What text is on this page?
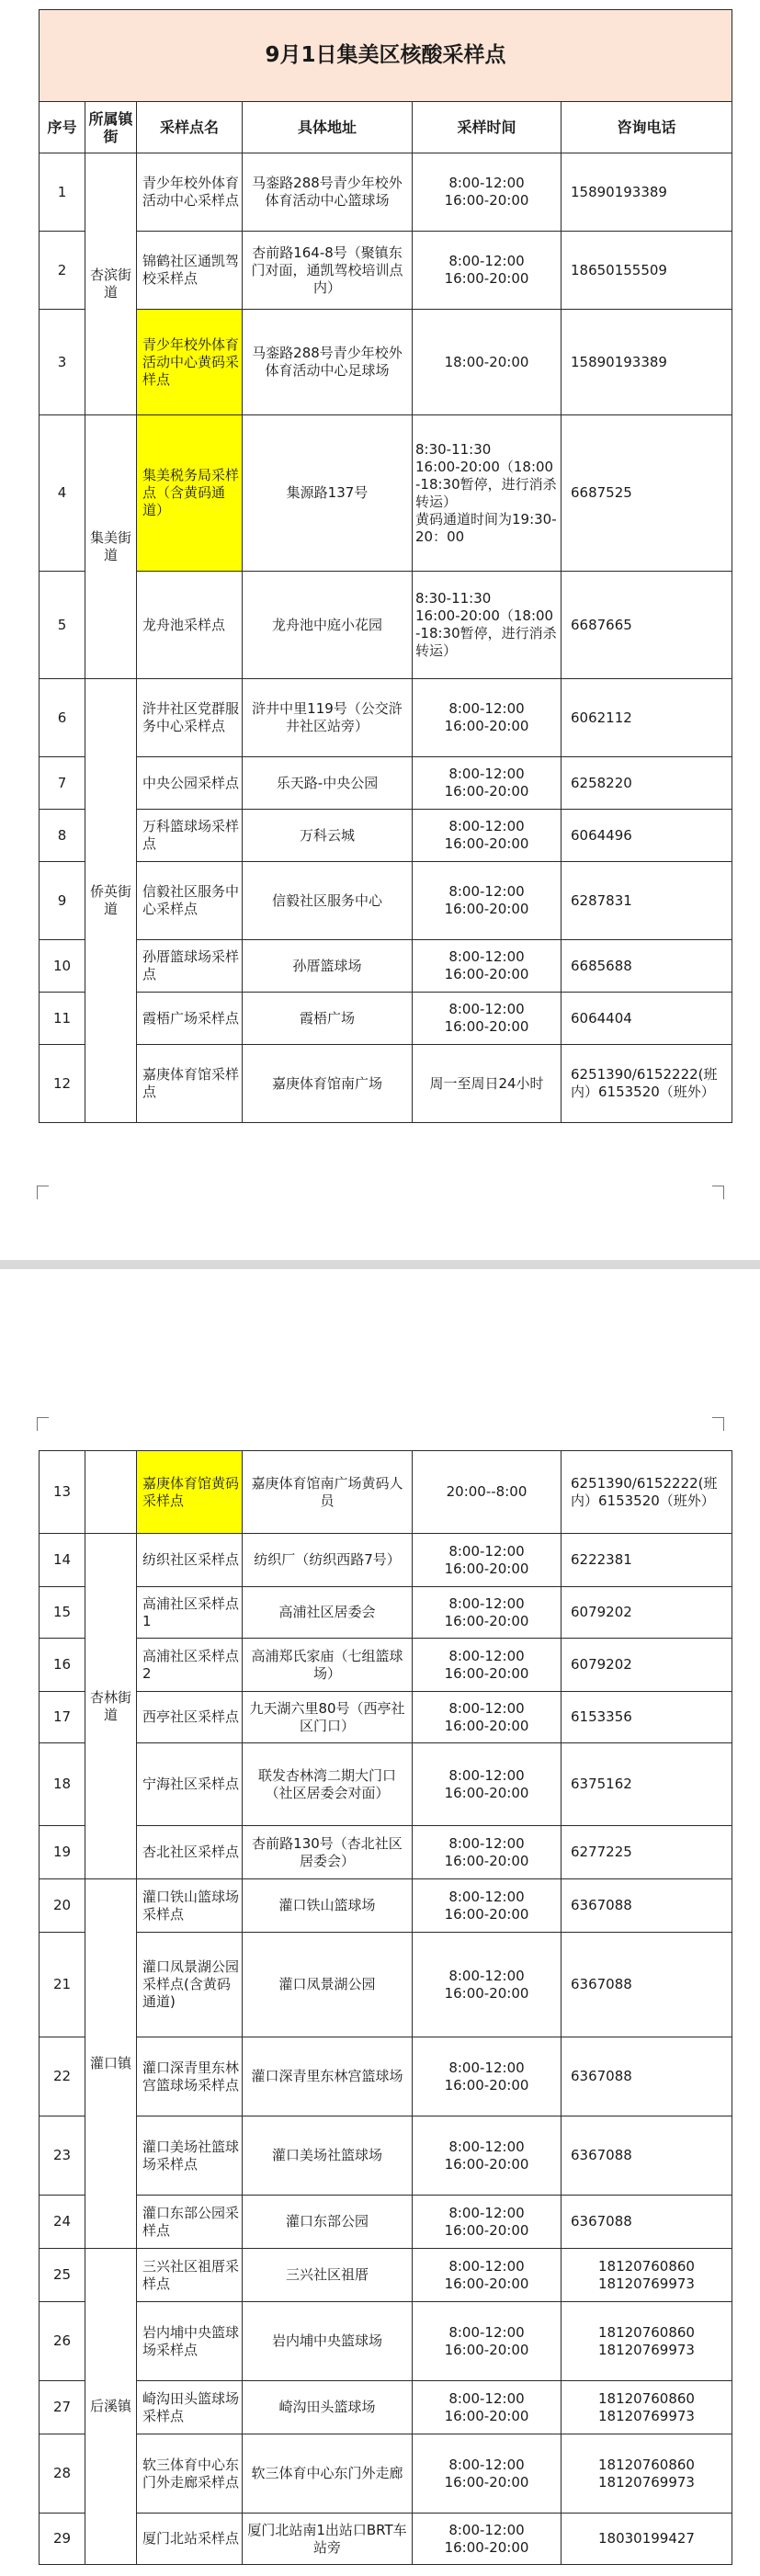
9月1日集美区核酸采样点					
序号	所属镇街	采样点名	具体地址	采样时间	咨询电话
1	杏滨街道	青少年校外体育活动中心采样点	马銮路288号青少年校外体育活动中心篮球场	8:00-12:00
16:00-20:00	15890193389
2		锦鹤社区通凯驾校采样点	杏前路164-8号（聚镇东门对面，通凯驾校培训点内）	8:00-12:00
16:00-20:00	18650155509
3		青少年校外体育活动中心黄码采样点	马銮路288号青少年校外体育活动中心足球场	18:00-20:00	15890193389
4	集美街道	集美税务局采样点（含黄码通道）	集源路137号	8:30-11:30
16:00-20:00（18:00-18:30暂停，进行消杀转运）
黄码通道时间为19:30-20：00	6687525
5		龙舟池采样点	龙舟池中庭小花园	8:30-11:30
16:00-20:00（18:00-18:30暂停，进行消杀转运）	6687665
6	侨英街道	浒井社区党群服务中心采样点	浒井中里119号（公交浒井社区站旁）	8:00-12:00
16:00-20:00	6062112
7		中央公园采样点	乐天路-中央公园	8:00-12:00
16:00-20:00	6258220
8		万科篮球场采样点	万科云城	8:00-12:00
16:00-20:00	6064496
9		信毅社区服务中心采样点	信毅社区服务中心	8:00-12:00
16:00-20:00	6287831
10		孙厝篮球场采样点	孙厝篮球场	8:00-12:00
16:00-20:00	6685688
11		霞梧广场采样点	霞梧广场	8:00-12:00
16:00-20:00	6064404
12		嘉庚体育馆采样点	嘉庚体育馆南广场	周一至周日24小时	6251390/6152222(班内）6153520（班外）
13		嘉庚体育馆黄码采样点	嘉庚体育馆南广场黄码人员	20:00--8:00	6251390/6152222(班内）6153520（班外）
14	杏林街道	纺织社区采样点	纺织厂（纺织西路7号）	8:00-12:00
16:00-20:00	6222381
15		高浦社区采样点1	高浦社区居委会	8:00-12:00
16:00-20:00	6079202
16		高浦社区采样点2	高浦郑氏家庙（七组篮球场）	8:00-12:00
16:00-20:00	6079202
17		西亭社区采样点	九天湖六里80号（西亭社区门口）	8:00-12:00
16:00-20:00	6153356
18		宁海社区采样点	联发杏林湾二期大门口（社区居委会对面）	8:00-12:00
16:00-20:00	6375162
19		杏北社区采样点	杏前路130号（杏北社区居委会）	8:00-12:00
16:00-20:00	6277225
20	灌口镇	灌口铁山篮球场采样点	灌口铁山篮球场	8:00-12:00
16:00-20:00	6367088
21		灌口凤景湖公园采样点(含黄码通道)	灌口凤景湖公园	8:00-12:00
16:00-20:00	6367088
22		灌口深青里东林宫篮球场采样点	灌口深青里东林宫篮球场	8:00-12:00
16:00-20:00	6367088
23		灌口美场社篮球场采样点	灌口美场社篮球场	8:00-12:00
16:00-20:00	6367088
24		灌口东部公园采样点	灌口东部公园	8:00-12:00
16:00-20:00	6367088
25	后溪镇	三兴社区祖厝采样点	三兴社区祖厝	8:00-12:00
16:00-20:00	18120760860
18120769973
26		岩内埔中央篮球场采样点	岩内埔中央篮球场	8:00-12:00
16:00-20:00	18120760860
18120769973
27		崎沟田头篮球场采样点	崎沟田头篮球场	8:00-12:00
16:00-20:00	18120760860
18120769973
28		软三体育中心东门外走廊采样点	软三体育中心东门外走廊	8:00-12:00
16:00-20:00	18120760860
18120769973
29		厦门北站采样点	厦门北站南1出站口BRT车站旁	8:00-12:00
16:00-20:00	18030199427
